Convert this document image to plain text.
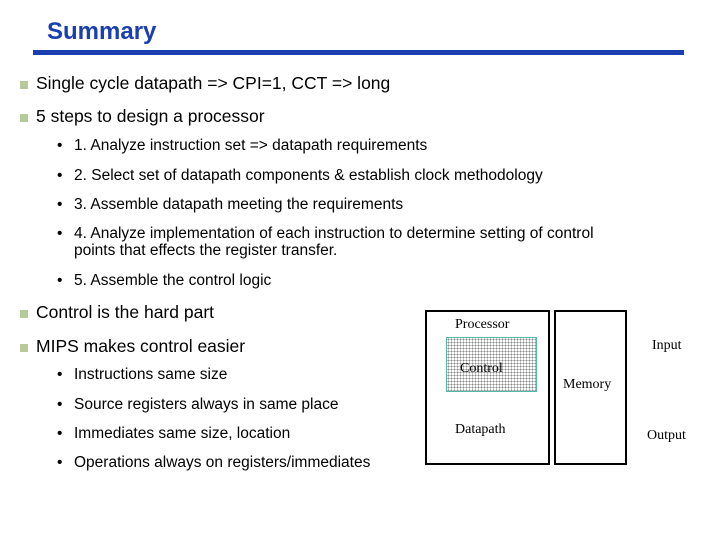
Summary
Single cycle datapath => CPI=1, CCT => long
5 steps to design a processor
• 1. Analyze instruction set => datapath requirements
• 2. Select set of datapath components & establish clock methodology
• 3. Assemble datapath meeting the requirements
• 4. Analyze implementation of each instruction to determine setting of control
points that effects the register transfer.
• 5. Assemble the control logic
Control is the hard part
MIPS makes control easier
• Instructions same size
• Source registers always in same place
• Immediates same size, location
• Operations always on registers/immediates
Processor
Control
Datapath
Memory
Input
Output
